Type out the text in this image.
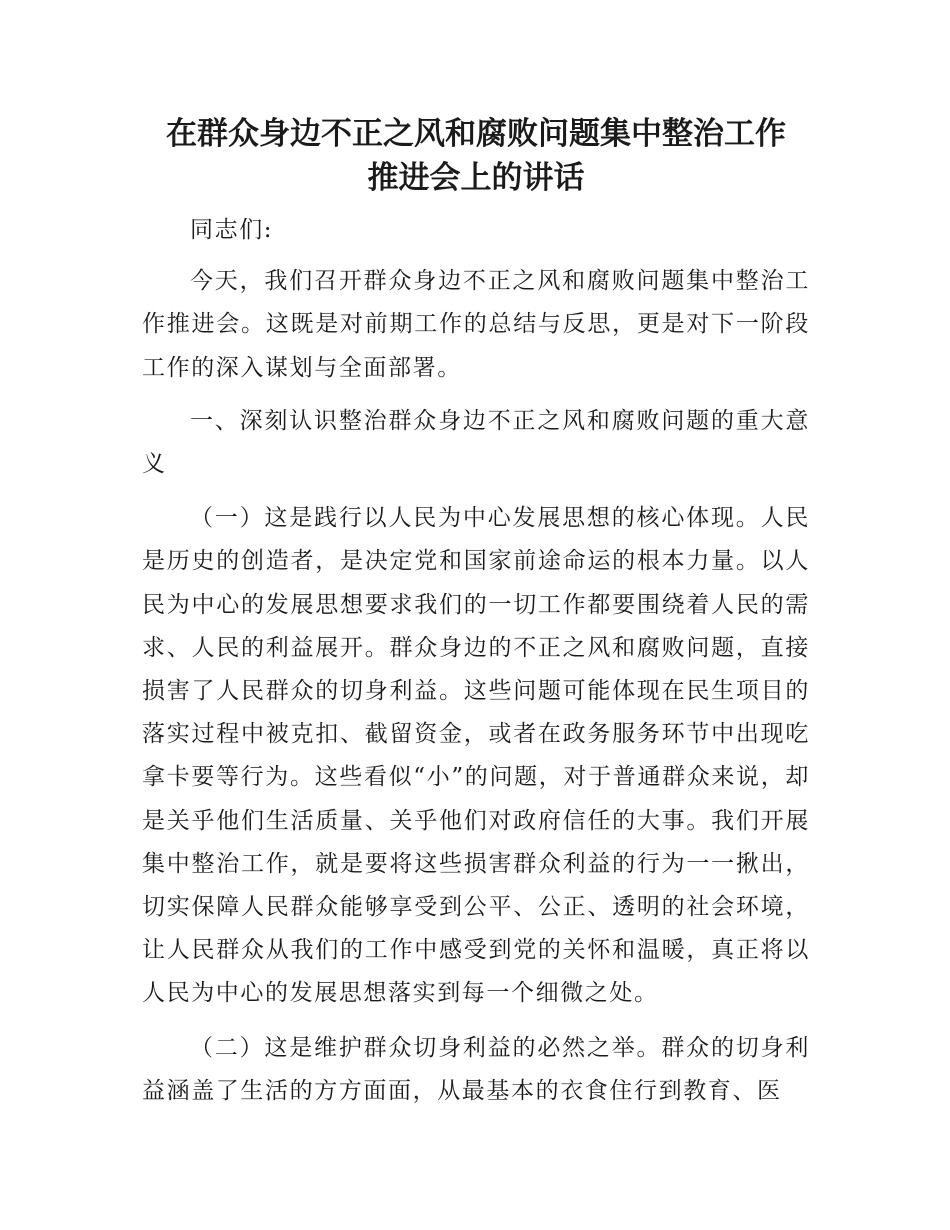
在群众身边不正之风和腐败问题集中整治工作
推进会上的讲话

同志们:

今天，我们召开群众身边不正之风和腐败问题集中整治工作推进会。这既是对前期工作的总结与反思，更是对下一阶段工作的深入谋划与全面部署。

一、深刻认识整治群众身边不正之风和腐败问题的重大意义

（一）这是践行以人民为中心发展思想的核心体现。人民是历史的创造者，是决定党和国家前途命运的根本力量。以人民为中心的发展思想要求我们的一切工作都要围绕着人民的需求、人民的利益展开。群众身边的不正之风和腐败问题，直接损害了人民群众的切身利益。这些问题可能体现在民生项目的落实过程中被克扣、截留资金，或者在政务服务环节中出现吃拿卡要等行为。这些看似“小”的问题，对于普通群众来说，却是关乎他们生活质量、关乎他们对政府信任的大事。我们开展集中整治工作，就是要将这些损害群众利益的行为一一揪出，切实保障人民群众能够享受到公平、公正、透明的社会环境，让人民群众从我们的工作中感受到党的关怀和温暖，真正将以人民为中心的发展思想落实到每一个细微之处。

（二）这是维护群众切身利益的必然之举。群众的切身利益涵盖了生活的方方面面，从最基本的衣食住行到教育、医
